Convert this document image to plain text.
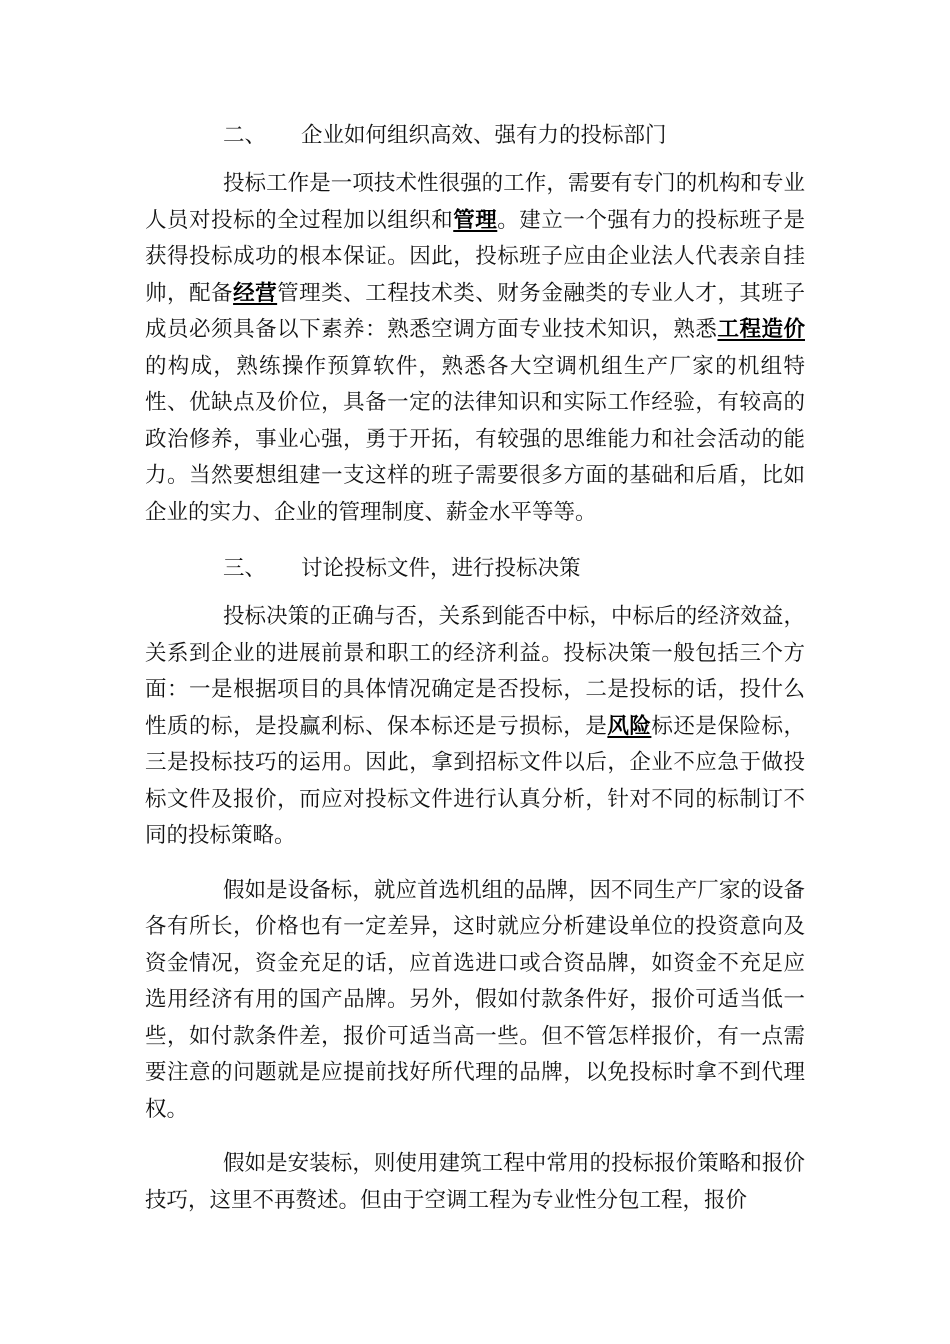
二、 企业如何组织高效、强有力的投标部门

投标工作是一项技术性很强的工作，需要有专门的机构和专业人员对投标的全过程加以组织和管理。建立一个强有力的投标班子是获得投标成功的根本保证。因此，投标班子应由企业法人代表亲自挂帅，配备经营管理类、工程技术类、财务金融类的专业人才，其班子成员必须具备以下素养：熟悉空调方面专业技术知识，熟悉工程造价的构成，熟练操作预算软件，熟悉各大空调机组生产厂家的机组特性、优缺点及价位，具备一定的法律知识和实际工作经验，有较高的政治修养，事业心强，勇于开拓，有较强的思维能力和社会活动的能力。当然要想组建一支这样的班子需要很多方面的基础和后盾，比如企业的实力、企业的管理制度、薪金水平等等。

三、 讨论投标文件，进行投标决策

投标决策的正确与否，关系到能否中标，中标后的经济效益，关系到企业的进展前景和职工的经济利益。投标决策一般包括三个方面：一是根据项目的具体情况确定是否投标，二是投标的话，投什么性质的标，是投赢利标、保本标还是亏损标，是风险标还是保险标，三是投标技巧的运用。因此，拿到招标文件以后，企业不应急于做投标文件及报价，而应对投标文件进行认真分析，针对不同的标制订不同的投标策略。

假如是设备标，就应首选机组的品牌，因不同生产厂家的设备各有所长，价格也有一定差异，这时就应分析建设单位的投资意向及资金情况，资金充足的话，应首选进口或合资品牌，如资金不充足应选用经济有用的国产品牌。另外，假如付款条件好，报价可适当低一些，如付款条件差，报价可适当高一些。但不管怎样报价，有一点需要注意的问题就是应提前找好所代理的品牌，以免投标时拿不到代理权。

假如是安装标，则使用建筑工程中常用的投标报价策略和报价技巧，这里不再赘述。但由于空调工程为专业性分包工程，报价
